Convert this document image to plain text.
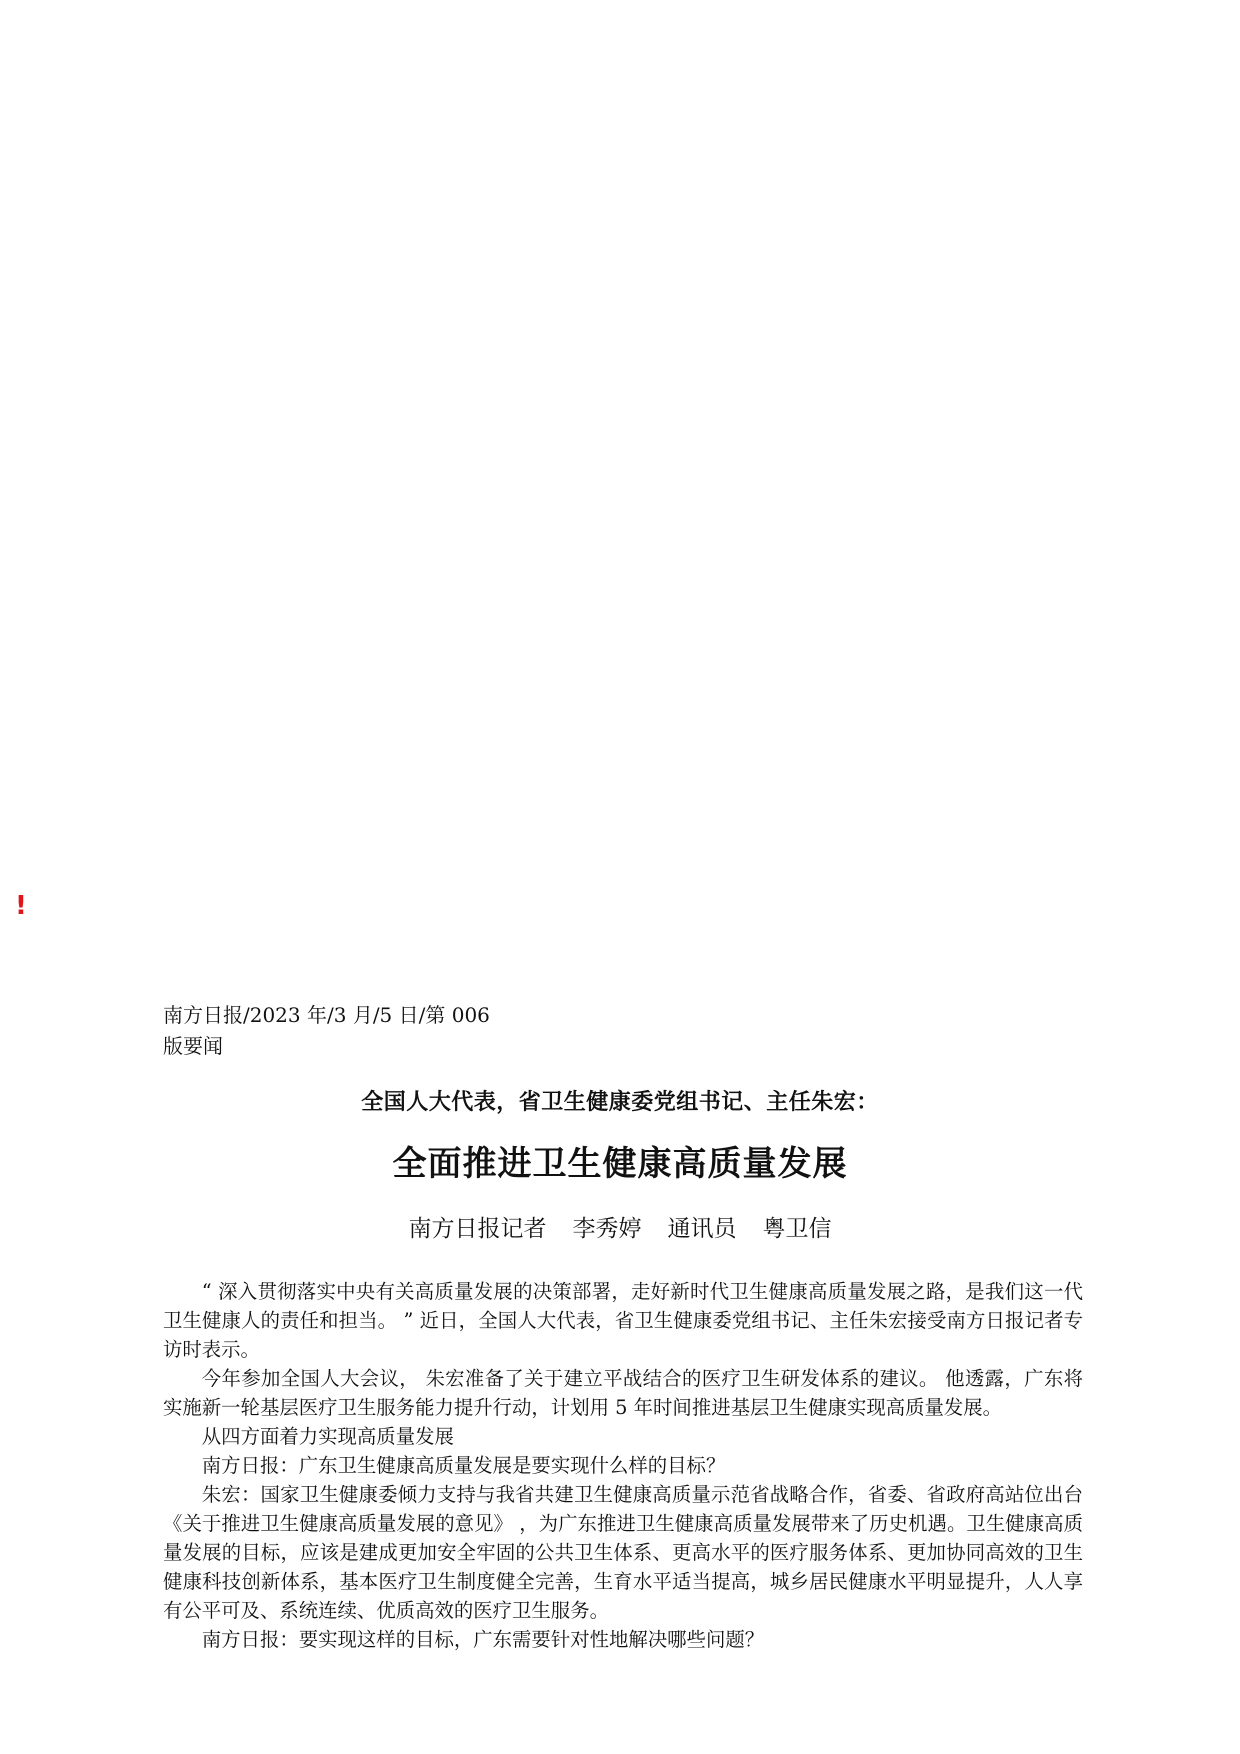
!
南方日报/2023 年/3 月/5 日/第 006
版要闻
全国人大代表，省卫生健康委党组书记、主任朱宏：
全面推进卫生健康高质量发展
南方日报记者 李秀婷 通讯员 粤卫信

“ 深入贯彻落实中央有关高质量发展的决策部署，走好新时代卫生健康高质量发展之路，是我们这一代卫生健康人的责任和担当。 ” 近日，全国人大代表，省卫生健康委党组书记、主任朱宏接受南方日报记者专访时表示。

今年参加全国人大会议， 朱宏准备了关于建立平战结合的医疗卫生研发体系的建议。 他透露，广东将实施新一轮基层医疗卫生服务能力提升行动，计划用 5 年时间推进基层卫生健康实现高质量发展。

从四方面着力实现高质量发展

南方日报：广东卫生健康高质量发展是要实现什么样的目标？

朱宏：国家卫生健康委倾力支持与我省共建卫生健康高质量示范省战略合作，省委、省政府高站位出台《关于推进卫生健康高质量发展的意见》 ，为广东推进卫生健康高质量发展带来了历史机遇。卫生健康高质量发展的目标，应该是建成更加安全牢固的公共卫生体系、更高水平的医疗服务体系、更加协同高效的卫生健康科技创新体系，基本医疗卫生制度健全完善，生育水平适当提高，城乡居民健康水平明显提升，人人享有公平可及、系统连续、优质高效的医疗卫生服务。

南方日报：要实现这样的目标，广东需要针对性地解决哪些问题？
